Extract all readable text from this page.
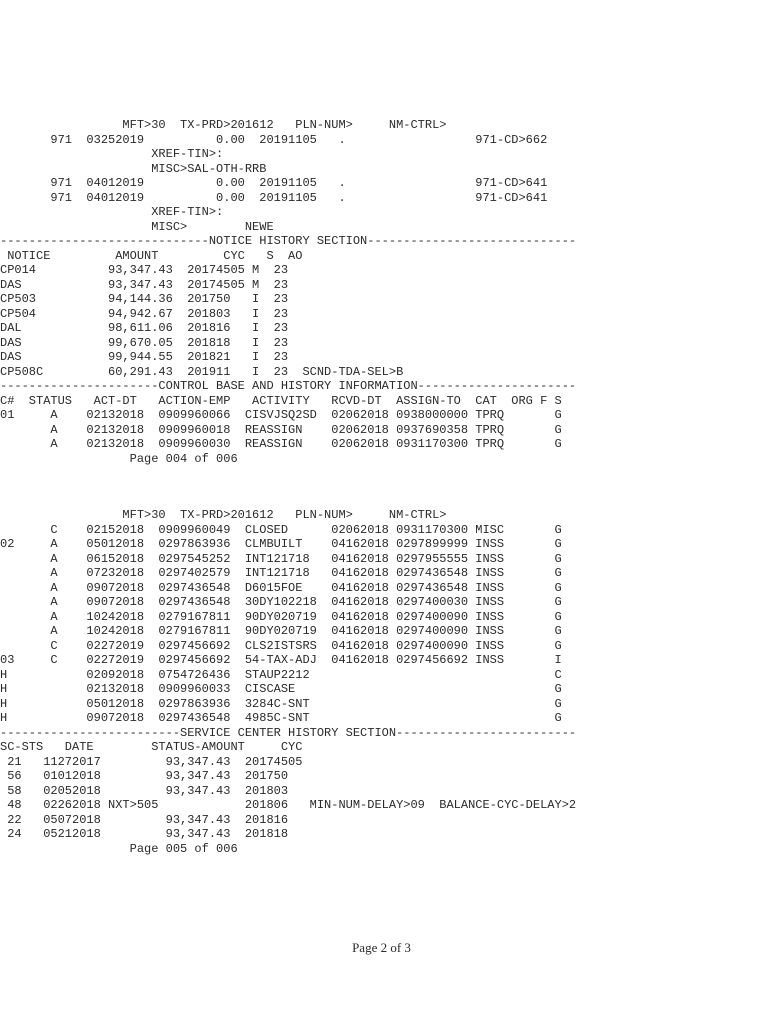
MFT>30  TX-PRD>201612   PLN-NUM>     NM-CTRL>

971  03252019          0.00  20191105   .                  971-CD>662

XREF-TIN>:

MISC>SAL-OTH-RRB

971  04012019          0.00  20191105   .                  971-CD>641

971  04012019          0.00  20191105   .                  971-CD>641

XREF-TIN>:

MISC>        NEWE

-----------------------------NOTICE HISTORY SECTION-----------------------------

NOTICE         AMOUNT         CYC   S  AO

CP014          93,347.43  20174505 M  23

DAS            93,347.43  20174505 M  23

CP503          94,144.36  201750   I  23

CP504          94,942.67  201803   I  23

DAL            98,611.06  201816   I  23

DAS            99,670.05  201818   I  23

DAS            99,944.55  201821   I  23

CP508C         60,291.43  201911   I  23  SCND-TDA-SEL>B

----------------------CONTROL BASE AND HISTORY INFORMATION----------------------

C#  STATUS   ACT-DT   ACTION-EMP   ACTIVITY   RCVD-DT  ASSIGN-TO  CAT  ORG F S

01     A    02132018  0909960066  CISVJSQ2SD  02062018 0938000000 TPRQ       G

A    02132018  0909960018  REASSIGN    02062018 0937690358 TPRQ       G

A    02132018  0909960030  REASSIGN    02062018 0931170300 TPRQ       G

Page 004 of 006

MFT>30  TX-PRD>201612   PLN-NUM>     NM-CTRL>

C    02152018  0909960049  CLOSED      02062018 0931170300 MISC       G

02     A    05012018  0297863936  CLMBUILT    04162018 0297899999 INSS       G

A    06152018  0297545252  INT121718   04162018 0297955555 INSS       G

A    07232018  0297402579  INT121718   04162018 0297436548 INSS       G

A    09072018  0297436548  D6015FOE    04162018 0297436548 INSS       G

A    09072018  0297436548  30DY102218  04162018 0297400030 INSS       G

A    10242018  0279167811  90DY020719  04162018 0297400090 INSS       G

A    10242018  0279167811  90DY020719  04162018 0297400090 INSS       G

C    02272019  0297456692  CLS2ISTSRS  04162018 0297400090 INSS       G

03     C    02272019  0297456692  54-TAX-ADJ  04162018 0297456692 INSS       I

H           02092018  0754726436  STAUP2212                                  C

H           02132018  0909960033  CISCASE                                    G

H           05012018  0297863936  3284C-SNT                                  G

H           09072018  0297436548  4985C-SNT                                  G

-------------------------SERVICE CENTER HISTORY SECTION-------------------------

SC-STS   DATE        STATUS-AMOUNT     CYC

21   11272017         93,347.43  20174505

56   01012018         93,347.43  201750

58   02052018         93,347.43  201803

48   02262018 NXT>505            201806   MIN-NUM-DELAY>09  BALANCE-CYC-DELAY>2

22   05072018         93,347.43  201816

24   05212018         93,347.43  201818

Page 005 of 006

Page 2 of 3
